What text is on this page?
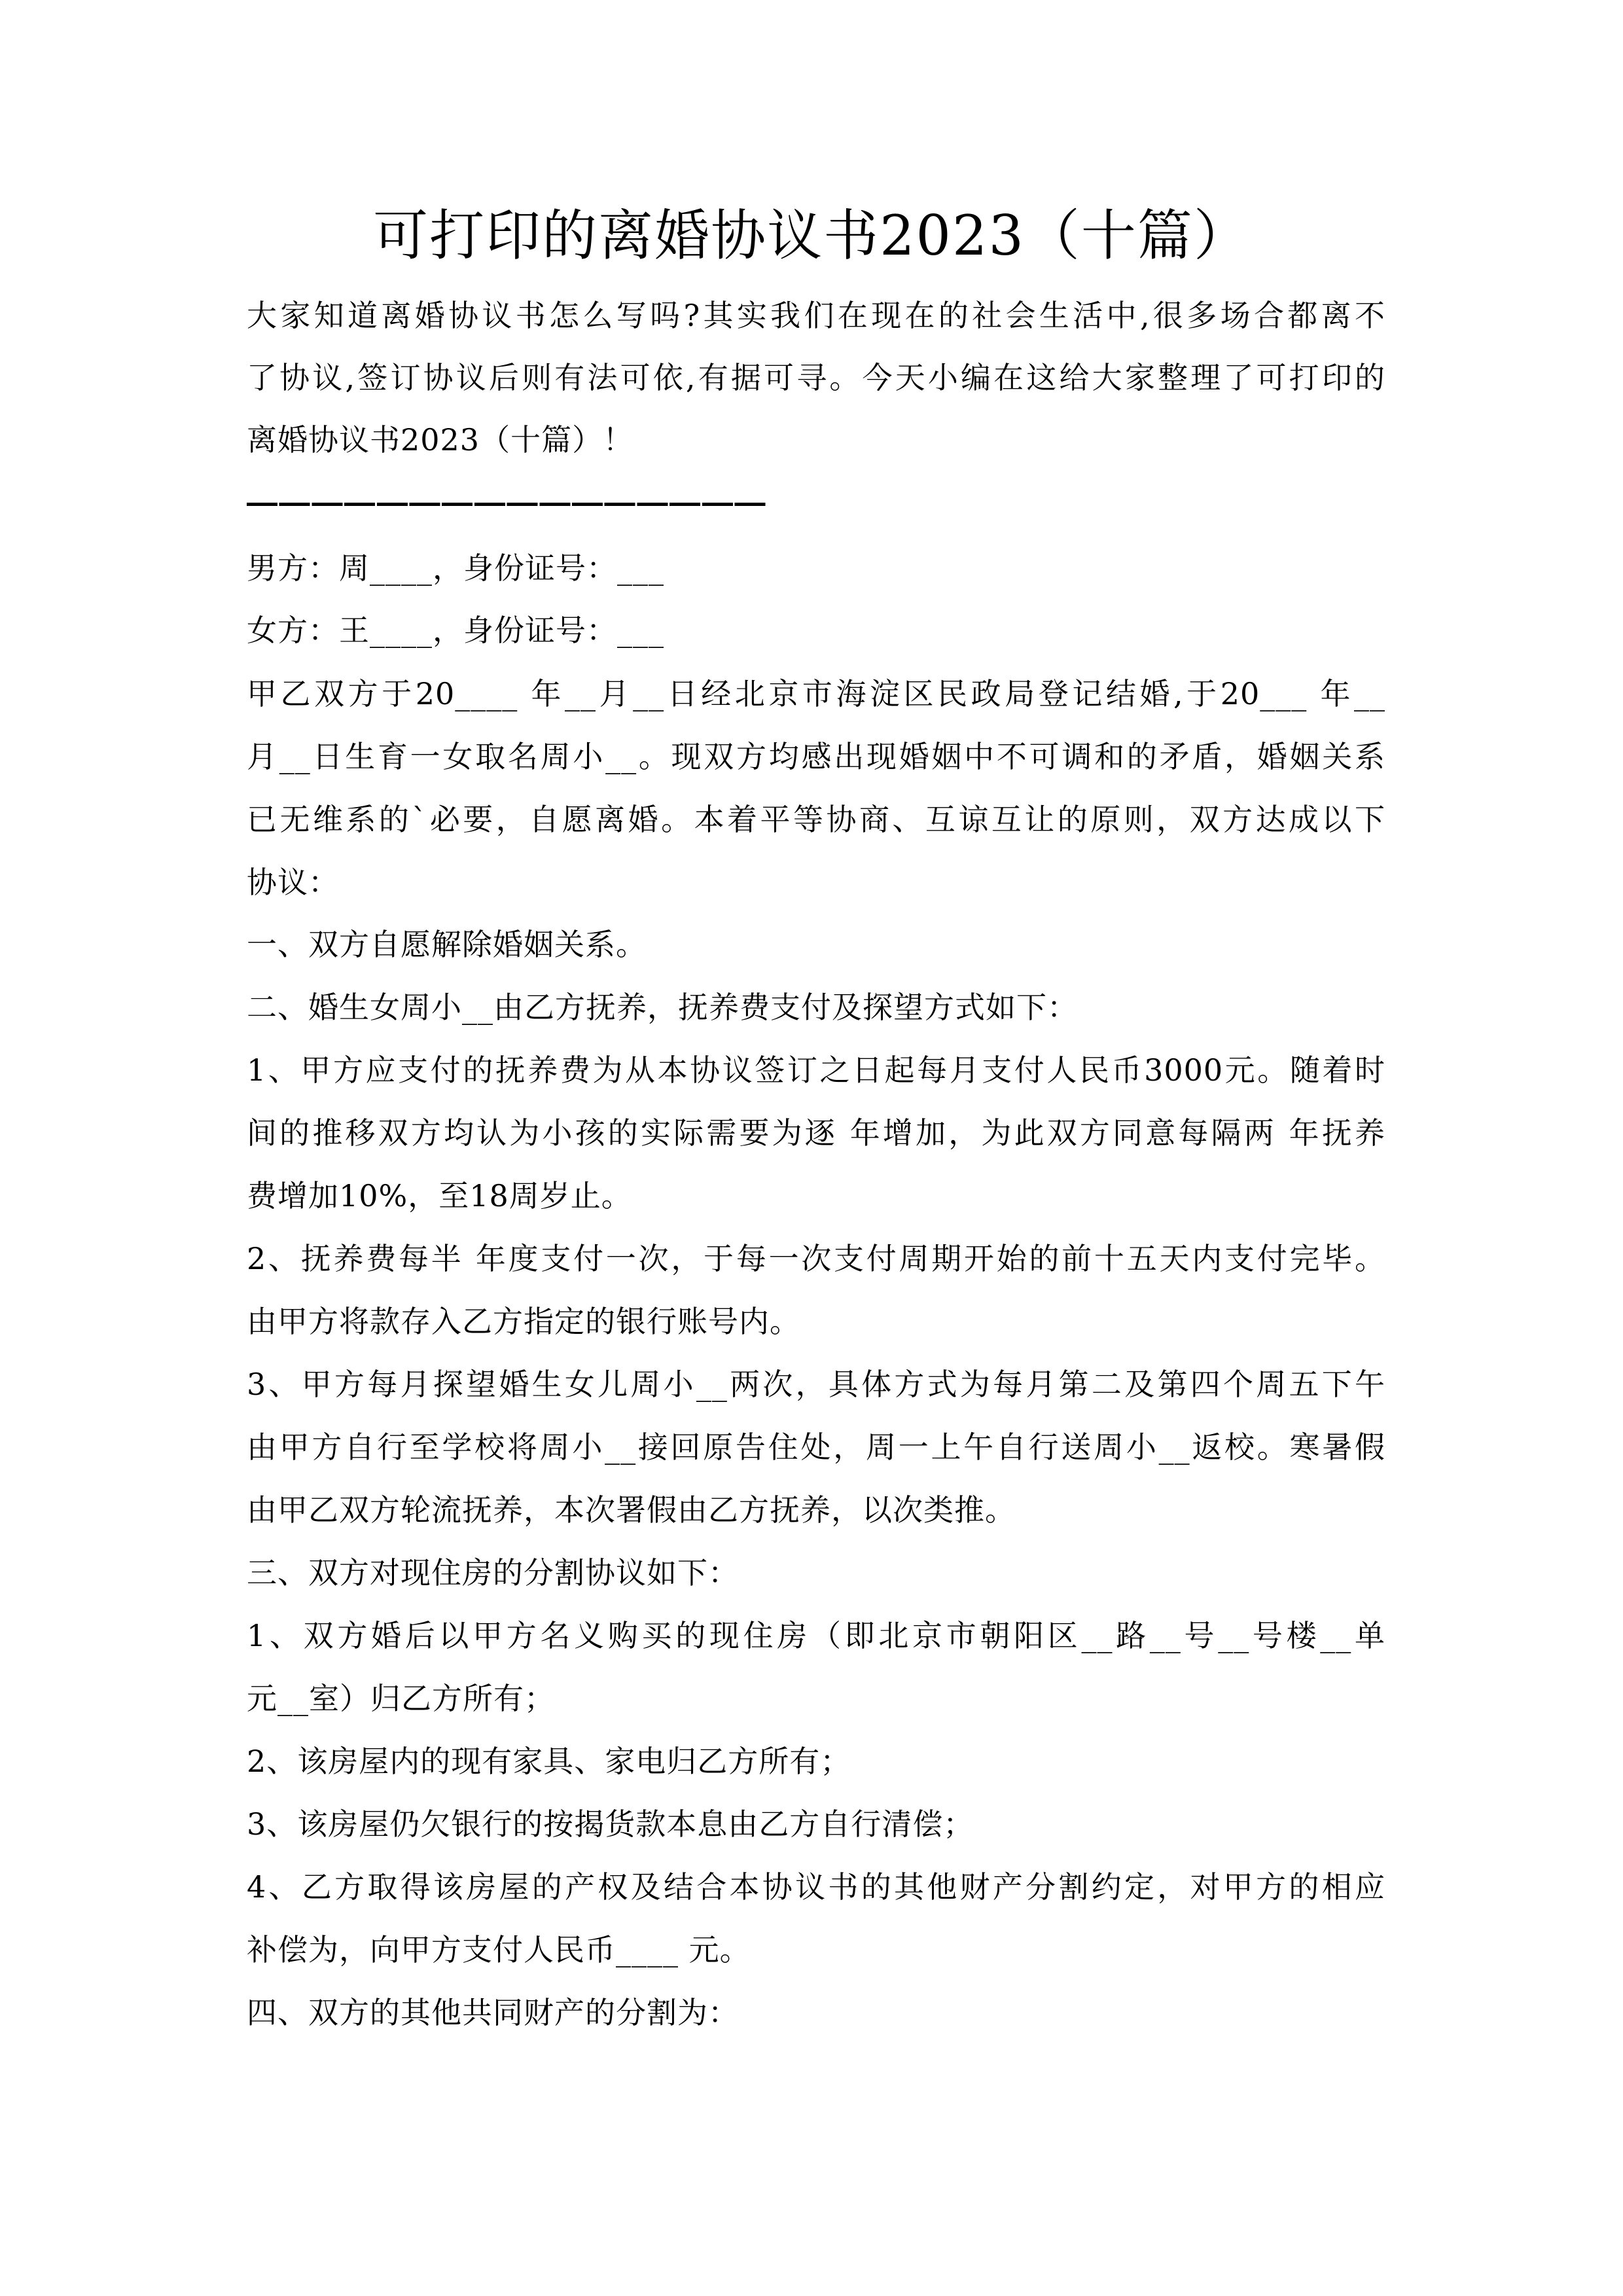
可打印的离婚协议书2023（十篇）
大家知道离婚协议书怎么写吗?其实我们在现在的社会生活中,很多场合都离不
了协议,签订协议后则有法可依,有据可寻。今天小编在这给大家整理了可打印的
离婚协议书2023（十篇）！
男方：周____，身份证号：___
女方：王____，身份证号：___
甲乙双方于20____ 年__月__日经北京市海淀区民政局登记结婚,于20___ 年__
月__日生育一女取名周小__。现双方均感出现婚姻中不可调和的矛盾，婚姻关系
已无维系的`必要，自愿离婚。本着平等协商、互谅互让的原则，双方达成以下
协议：
一、双方自愿解除婚姻关系。
二、婚生女周小__由乙方抚养，抚养费支付及探望方式如下：
1、甲方应支付的抚养费为从本协议签订之日起每月支付人民币3000元。随着时
间的推移双方均认为小孩的实际需要为逐 年增加，为此双方同意每隔两 年抚养
费增加10%，至18周岁止。
2、抚养费每半 年度支付一次，于每一次支付周期开始的前十五天内支付完毕。
由甲方将款存入乙方指定的银行账号内。
3、甲方每月探望婚生女儿周小__两次，具体方式为每月第二及第四个周五下午
由甲方自行至学校将周小__接回原告住处，周一上午自行送周小__返校。寒暑假
由甲乙双方轮流抚养，本次署假由乙方抚养，以次类推。
三、双方对现住房的分割协议如下：
1、双方婚后以甲方名义购买的现住房（即北京市朝阳区__路__号__号楼__单
元__室）归乙方所有；
2、该房屋内的现有家具、家电归乙方所有；
3、该房屋仍欠银行的按揭货款本息由乙方自行清偿；
4、乙方取得该房屋的产权及结合本协议书的其他财产分割约定，对甲方的相应
补偿为，向甲方支付人民币____ 元。
四、双方的其他共同财产的分割为：
